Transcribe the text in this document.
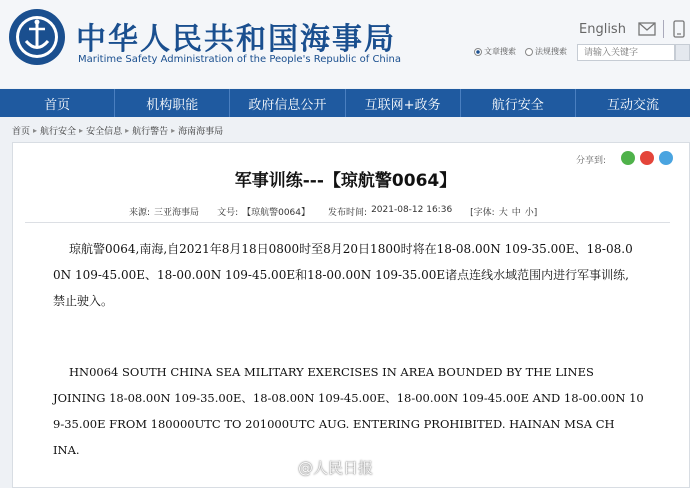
中华人民共和国海事局
Maritime Safety Administration of the People's Republic of China
English
文章搜索 法规搜索
请输入关键字
首页	机构职能	政府信息公开	互联网+政务	航行安全	互动交流
首页 ▸ 航行安全 ▸ 安全信息 ▸ 航行警告 ▸ 海南海事局
分享到:
军事训练---【琼航警0064】
来源: 三亚海事局 文号: 【琼航警0064】 发布时间: 2021-08-12 16:36 [字体: 大 中 小]
琼航警0064,南海,自2021年8月18日0800时至8月20日1800时将在18-08.00N 109-35.00E、18-08.0
0N 109-45.00E、18-00.00N 109-45.00E和18-00.00N 109-35.00E诸点连线水域范围内进行军事训练,
禁止驶入。
HN0064 SOUTH CHINA SEA MILITARY EXERCISES IN AREA BOUNDED BY THE LINES
JOINING 18-08.00N 109-35.00E、18-08.00N 109-45.00E、18-00.00N 109-45.00E AND 18-00.00N 10
9-35.00E FROM 180000UTC TO 201000UTC AUG. ENTERING PROHIBITED. HAINAN MSA CH
INA.
@人民日报
